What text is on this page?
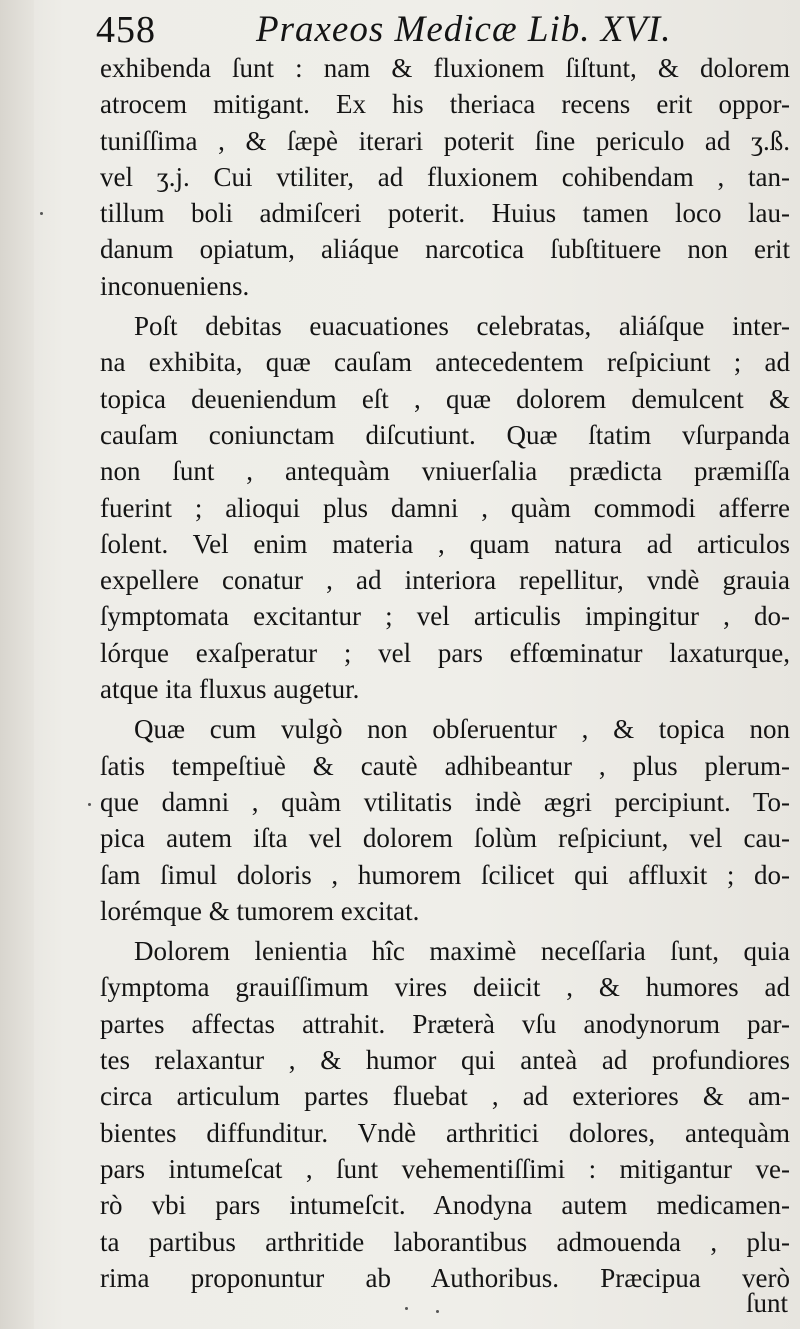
458	Praxeos Medicæ Lib. XVI.
exhibenda ſunt : nam & fluxionem ſiſtunt, & dolorem
atrocem mitigant. Ex his theriaca recens erit oppor-
tuniſſima , & ſæpè iterari poterit ſine periculo ad ʒ.ß.
vel ʒ.j. Cui vtiliter, ad fluxionem cohibendam , tan-
tillum boli admiſceri poterit. Huius tamen loco lau-
danum opiatum, aliáque narcotica ſubſtituere non erit
inconueniens.
Poſt debitas euacuationes celebratas, aliáſque inter-
na exhibita, quæ cauſam antecedentem reſpiciunt ; ad
topica deueniendum eſt , quæ dolorem demulcent &
cauſam coniunctam diſcutiunt. Quæ ſtatim vſurpanda
non ſunt , antequàm vniuerſalia prædicta præmiſſa
fuerint ; alioqui plus damni , quàm commodi afferre
ſolent. Vel enim materia , quam natura ad articulos
expellere conatur , ad interiora repellitur, vndè grauia
ſymptomata excitantur ; vel articulis impingitur , do-
lórque exaſperatur ; vel pars effœminatur laxaturque,
atque ita fluxus augetur.
Quæ cum vulgò non obſeruentur , & topica non
ſatis tempeſtiuè & cautè adhibeantur , plus plerum-
que damni , quàm vtilitatis indè ægri percipiunt. To-
pica autem iſta vel dolorem ſolùm reſpiciunt, vel cau-
ſam ſimul doloris , humorem ſcilicet qui affluxit ; do-
lorémque & tumorem excitat.
Dolorem lenientia hîc maximè neceſſaria ſunt, quia
ſymptoma grauiſſimum vires deiicit , & humores ad
partes affectas attrahit. Præterà vſu anodynorum par-
tes relaxantur , & humor qui anteà ad profundiores
circa articulum partes fluebat , ad exteriores & am-
bientes diffunditur. Vndè arthritici dolores, antequàm
pars intumeſcat , ſunt vehementiſſimi : mitigantur ve-
rò vbi pars intumeſcit. Anodyna autem medicamen-
ta partibus arthritide laborantibus admouenda , plu-
rima proponuntur ab Authoribus. Præcipua verò
ſunt
